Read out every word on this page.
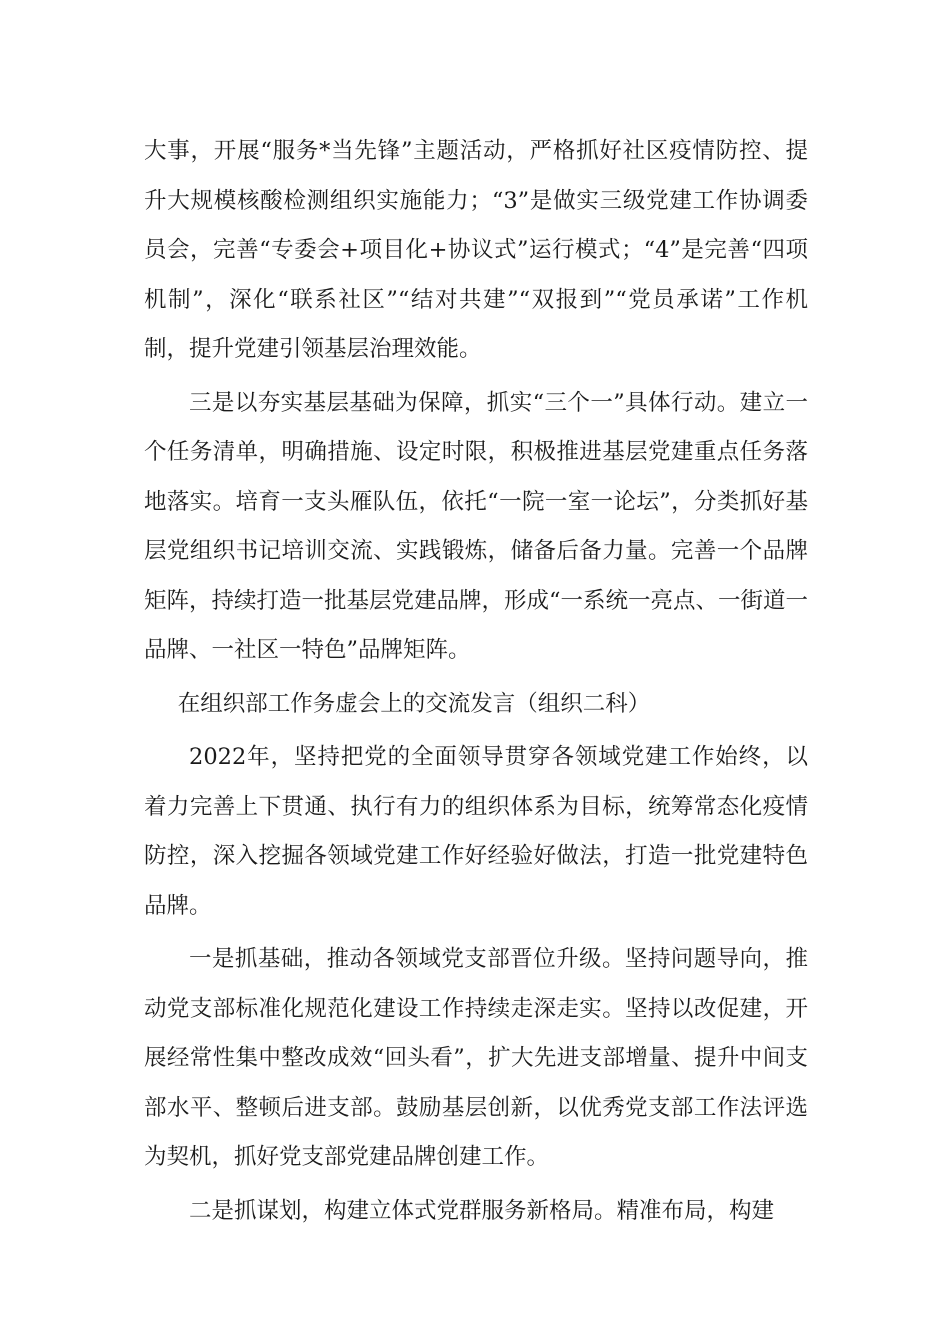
大事，开展“服务*当先锋”主题活动，严格抓好社区疫情防控、提升大规模核酸检测组织实施能力；“3”是做实三级党建工作协调委员会，完善“专委会+项目化+协议式”运行模式；“4”是完善“四项机制”，深化“联系社区”“结对共建”“双报到”“党员承诺”工作机制，提升党建引领基层治理效能。

三是以夯实基层基础为保障，抓实“三个一”具体行动。建立一个任务清单，明确措施、设定时限，积极推进基层党建重点任务落地落实。培育一支头雁队伍，依托“一院一室一论坛”，分类抓好基层党组织书记培训交流、实践锻炼，储备后备力量。完善一个品牌矩阵，持续打造一批基层党建品牌，形成“一系统一亮点、一街道一品牌、一社区一特色”品牌矩阵。

在组织部工作务虚会上的交流发言（组织二科）

2022年，坚持把党的全面领导贯穿各领域党建工作始终，以着力完善上下贯通、执行有力的组织体系为目标，统筹常态化疫情防控，深入挖掘各领域党建工作好经验好做法，打造一批党建特色品牌。

一是抓基础，推动各领域党支部晋位升级。坚持问题导向，推动党支部标准化规范化建设工作持续走深走实。坚持以改促建，开展经常性集中整改成效“回头看”，扩大先进支部增量、提升中间支部水平、整顿后进支部。鼓励基层创新，以优秀党支部工作法评选为契机，抓好党支部党建品牌创建工作。

二是抓谋划，构建立体式党群服务新格局。精准布局，构建
